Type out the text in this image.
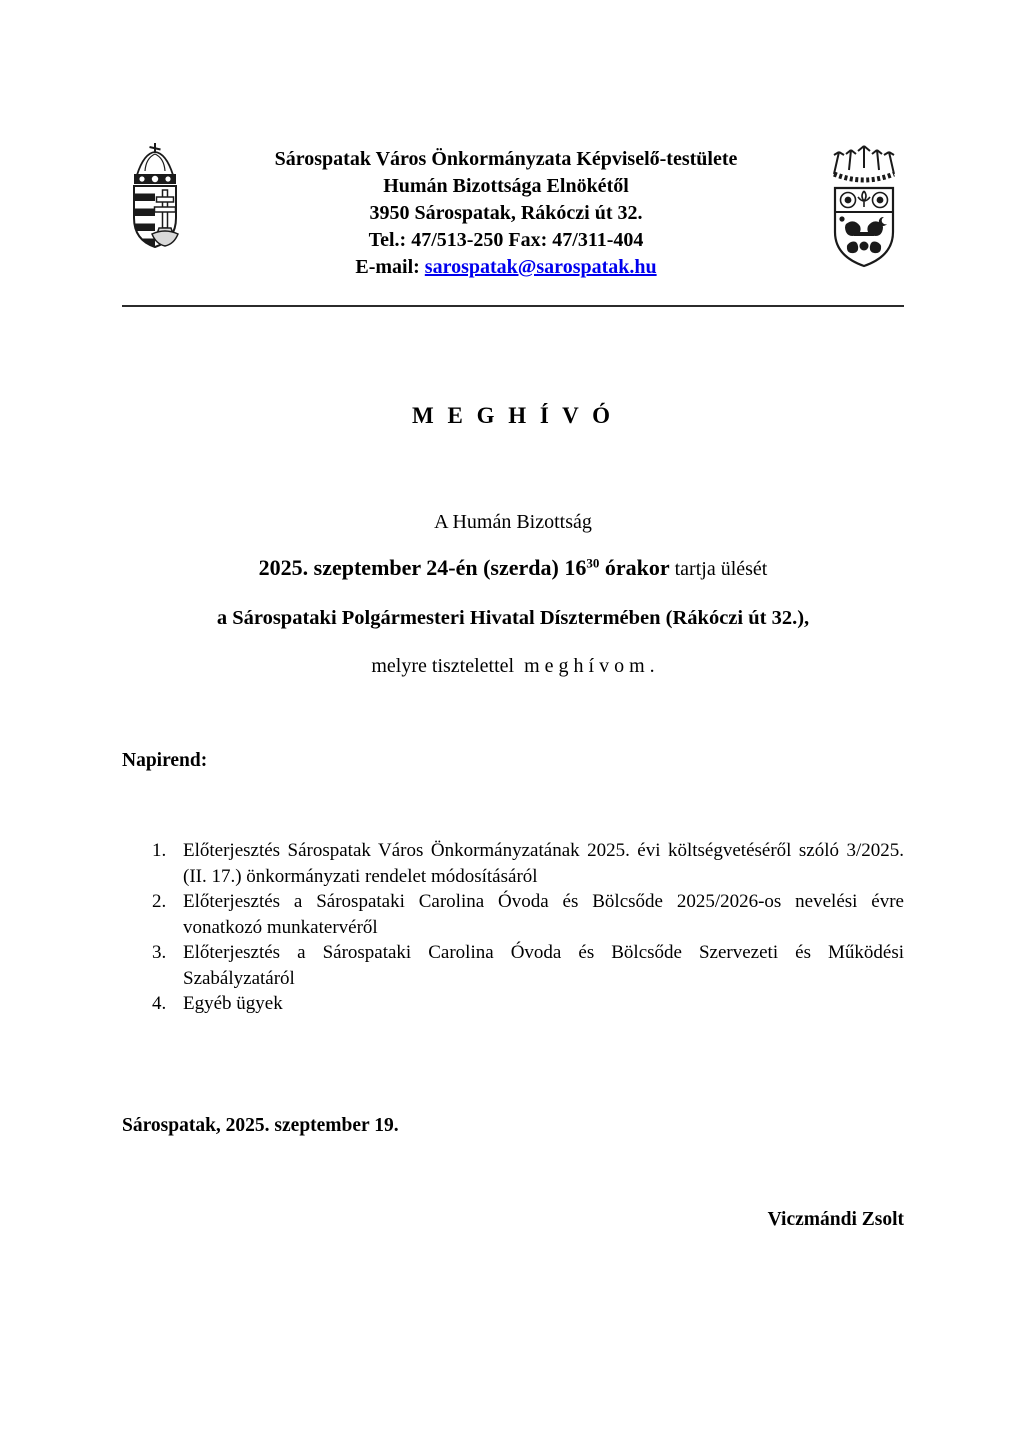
Sárospatak Város Önkormányzata Képviselő-testülete
Humán Bizottsága Elnökétől
3950 Sárospatak, Rákóczi út 32.
Tel.: 47/513-250 Fax: 47/311-404
E-mail: sarospatak@sarospatak.hu
M E G H Í V Ó
A Humán Bizottság
2025. szeptember 24-én (szerda) $16^{30}$ órakor tartja ülését
a Sárospataki Polgármesteri Hivatal Dísztermében (Rákóczi út 32.),
melyre tisztelettel  m e g h í v o m .
Napirend:
1. Előterjesztés Sárospatak Város Önkormányzatának 2025. évi költségvetéséről szóló 3/2025. (II. 17.) önkormányzati rendelet módosításáról
2. Előterjesztés a Sárospataki Carolina Óvoda és Bölcsőde 2025/2026-os nevelési évre vonatkozó munkatervéről
3. Előterjesztés a Sárospataki Carolina Óvoda és Bölcsőde Szervezeti és Működési Szabályzatáról
4. Egyéb ügyek
Sárospatak, 2025. szeptember 19.
Viczmándi Zsolt
